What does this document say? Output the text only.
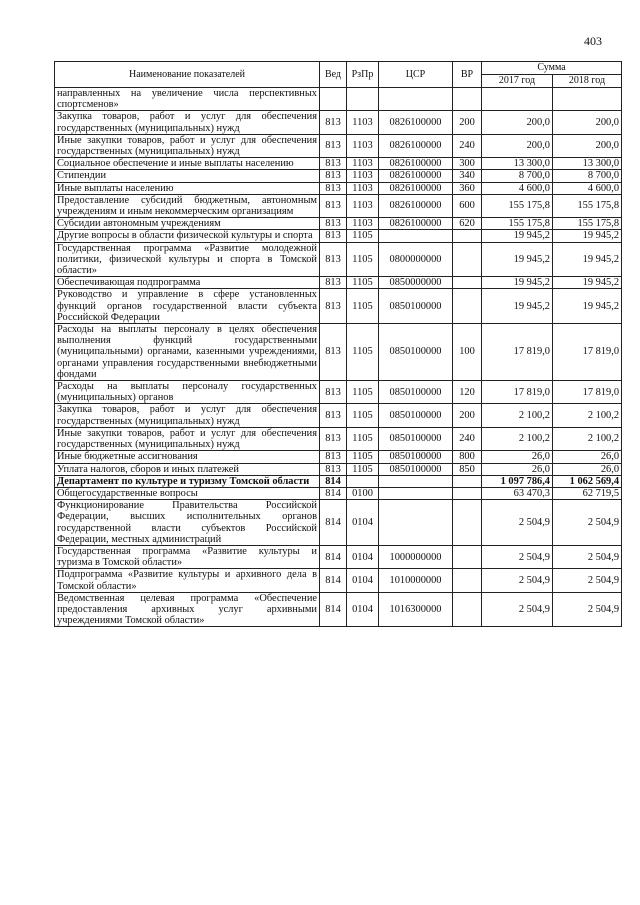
403
Наименование показателей	Вед	РзПр	ЦСР	ВР	Сумма	
					2017 год	2018 год
направленных на увеличение числа перспективных спортсменов»						
Закупка товаров, работ и услуг для обеспечения государственных (муниципальных) нужд	813	1103	0826100000	200	200,0	200,0
Иные закупки товаров, работ и услуг для обеспечения государственных (муниципальных) нужд	813	1103	0826100000	240	200,0	200,0
Социальное обеспечение и иные выплаты населению	813	1103	0826100000	300	13 300,0	13 300,0
Стипендии	813	1103	0826100000	340	8 700,0	8 700,0
Иные выплаты населению	813	1103	0826100000	360	4 600,0	4 600,0
Предоставление субсидий бюджетным, автономным учреждениям и иным некоммерческим организациям	813	1103	0826100000	600	155 175,8	155 175,8
Субсидии автономным учреждениям	813	1103	0826100000	620	155 175,8	155 175,8
Другие вопросы в области физической культуры и спорта	813	1105			19 945,2	19 945,2
Государственная программа «Развитие молодежной политики, физической культуры и спорта в Томской области»	813	1105	0800000000		19 945,2	19 945,2
Обеспечивающая подпрограмма	813	1105	0850000000		19 945,2	19 945,2
Руководство и управление в сфере установленных функций органов государственной власти субъекта Российской Федерации	813	1105	0850100000		19 945,2	19 945,2
Расходы на выплаты персоналу в целях обеспечения выполнения функций государственными (муниципальными) органами, казенными учреждениями, органами управления государственными внебюджетными фондами	813	1105	0850100000	100	17 819,0	17 819,0
Расходы на выплаты персоналу государственных (муниципальных) органов	813	1105	0850100000	120	17 819,0	17 819,0
Закупка товаров, работ и услуг для обеспечения государственных (муниципальных) нужд	813	1105	0850100000	200	2 100,2	2 100,2
Иные закупки товаров, работ и услуг для обеспечения государственных (муниципальных) нужд	813	1105	0850100000	240	2 100,2	2 100,2
Иные бюджетные ассигнования	813	1105	0850100000	800	26,0	26,0
Уплата налогов, сборов и иных платежей	813	1105	0850100000	850	26,0	26,0
Департамент по культуре и туризму Томской области	814				1 097 786,4	1 062 569,4
Общегосударственные вопросы	814	0100			63 470,3	62 719,5
Функционирование Правительства Российской Федерации, высших исполнительных органов государственной власти субъектов Российской Федерации, местных администраций	814	0104			2 504,9	2 504,9
Государственная программа «Развитие культуры и туризма в Томской области»	814	0104	1000000000		2 504,9	2 504,9
Подпрограмма «Развитие культуры и архивного дела в Томской области»	814	0104	1010000000		2 504,9	2 504,9
Ведомственная целевая программа «Обеспечение предоставления архивных услуг архивными учреждениями Томской области»	814	0104	1016300000		2 504,9	2 504,9
